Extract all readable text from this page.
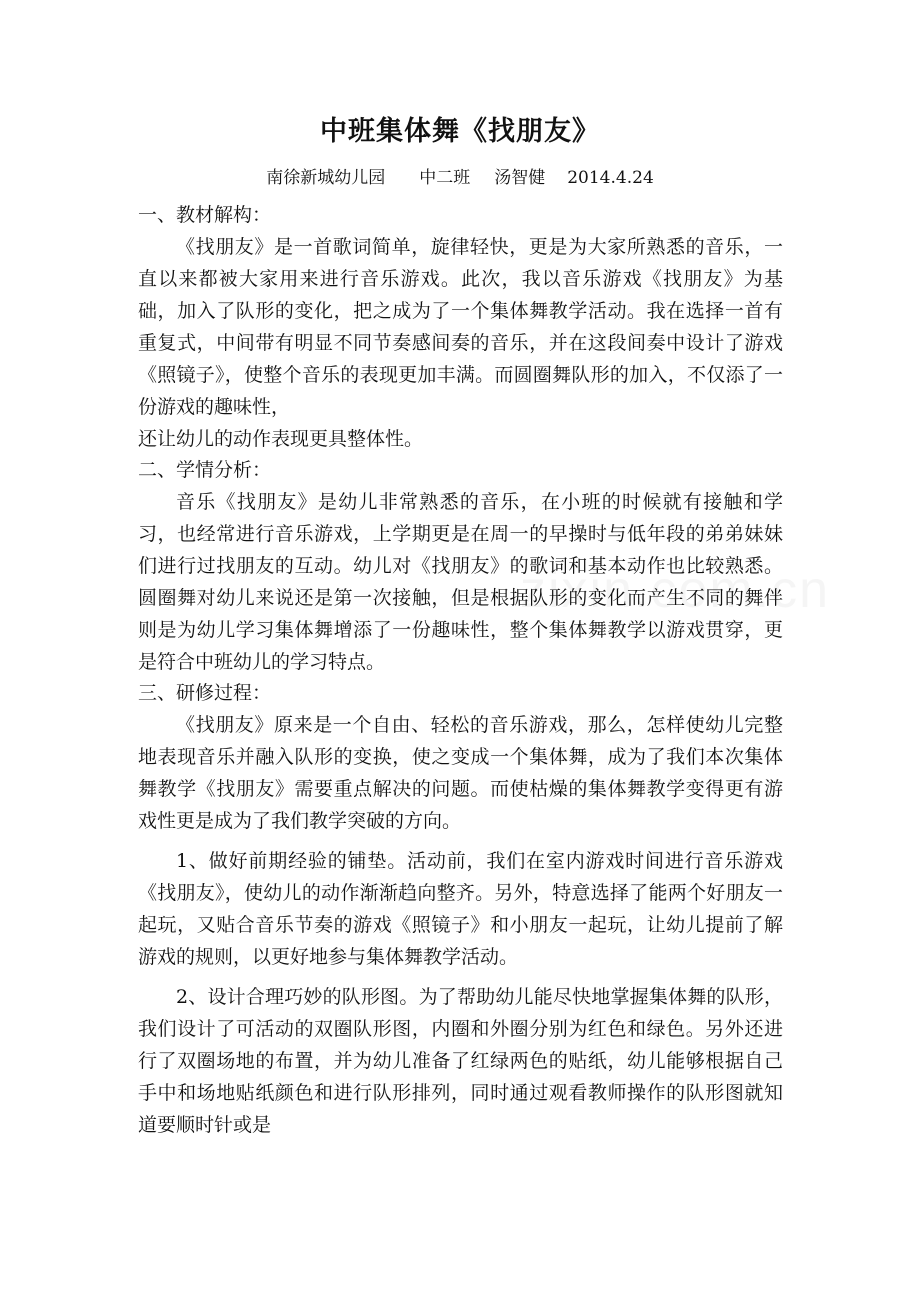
中班集体舞《找朋友》
南徐新城幼儿园 中二班 汤智健 2014.4.24
一、教材解构：

《找朋友》是一首歌词简单，旋律轻快，更是为大家所熟悉的音乐，一直以来都被大家用来进行音乐游戏。此次，我以音乐游戏《找朋友》为基础，加入了队形的变化，把之成为了一个集体舞教学活动。我在选择一首有重复式，中间带有明显不同节奏感间奏的音乐，并在这段间奏中设计了游戏《照镜子》，使整个音乐的表现更加丰满。而圆圈舞队形的加入，不仅添了一份游戏的趣味性，

还让幼儿的动作表现更具整体性。

二、学情分析：

音乐《找朋友》是幼儿非常熟悉的音乐，在小班的时候就有接触和学习，也经常进行音乐游戏，上学期更是在周一的早操时与低年段的弟弟妹妹们进行过找朋友的互动。幼儿对《找朋友》的歌词和基本动作也比较熟悉。圆圈舞对幼儿来说还是第一次接触，但是根据队形的变化而产生不同的舞伴则是为幼儿学习集体舞增添了一份趣味性，整个集体舞教学以游戏贯穿，更是符合中班幼儿的学习特点。

三、研修过程：

《找朋友》原来是一个自由、轻松的音乐游戏，那么，怎样使幼儿完整地表现音乐并融入队形的变换，使之变成一个集体舞，成为了我们本次集体舞教学《找朋友》需要重点解决的问题。而使枯燥的集体舞教学变得更有游戏性更是成为了我们教学突破的方向。

1、做好前期经验的铺垫。活动前，我们在室内游戏时间进行音乐游戏《找朋友》，使幼儿的动作渐渐趋向整齐。另外，特意选择了能两个好朋友一起玩，又贴合音乐节奏的游戏《照镜子》和小朋友一起玩，让幼儿提前了解游戏的规则，以更好地参与集体舞教学活动。

2、设计合理巧妙的队形图。为了帮助幼儿能尽快地掌握集体舞的队形，我们设计了可活动的双圈队形图，内圈和外圈分别为红色和绿色。另外还进行了双圈场地的布置，并为幼儿准备了红绿两色的贴纸，幼儿能够根据自己手中和场地贴纸颜色和进行队形排列，同时通过观看教师操作的队形图就知道要顺时针或是
